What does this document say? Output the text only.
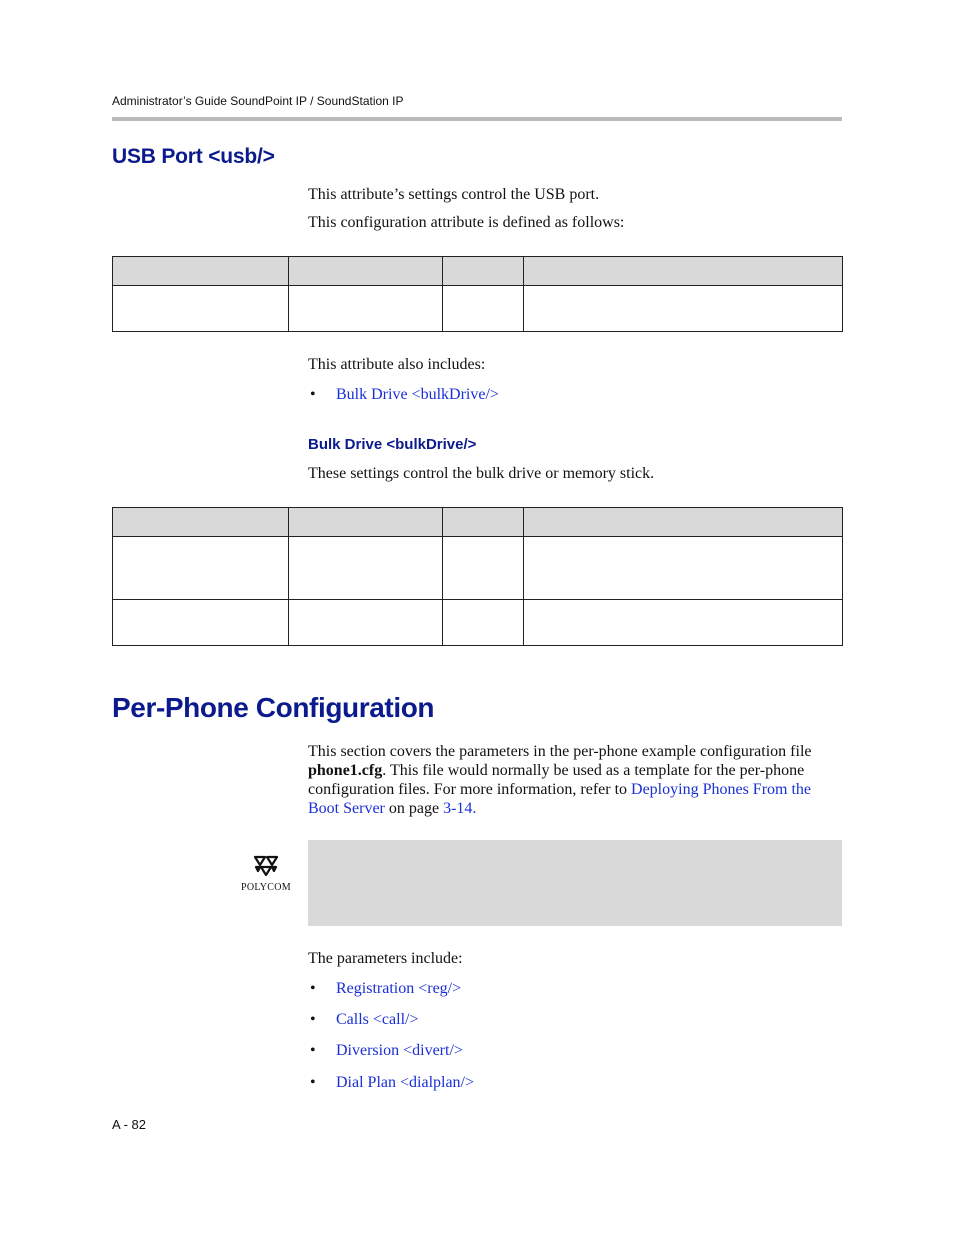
Administrator’s Guide SoundPoint IP / SoundStation IP
USB Port <usb/>
This attribute’s settings control the USB port.
This configuration attribute is defined as follows:

This attribute also includes:
• Bulk Drive <bulkDrive/>
Bulk Drive <bulkDrive/>
These settings control the bulk drive or memory stick.

Per-Phone Configuration
This section covers the parameters in the per-phone example configuration file phone1.cfg. This file would normally be used as a template for the per-phone configuration files. For more information, refer to Deploying Phones From the Boot Server on page 3-14.
POLYCOM
The parameters include:
• Registration <reg/>
• Calls <call/>
• Diversion <divert/>
• Dial Plan <dialplan/>
A - 82
